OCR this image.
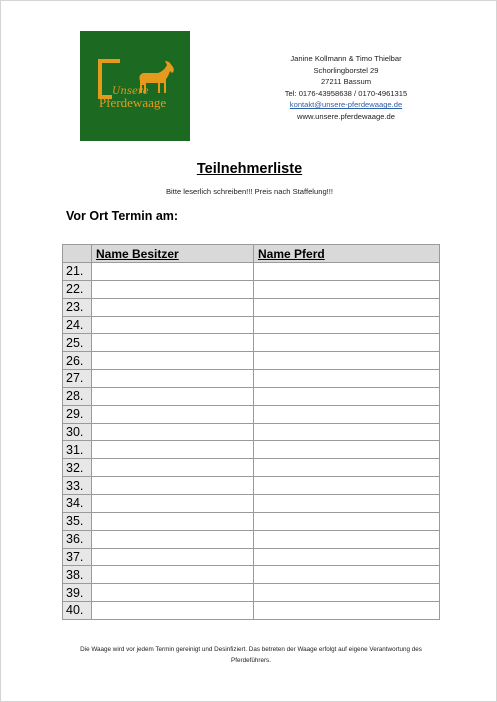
Unsere
Pferdewaage
Janine Kollmann & Timo Thielbar
Schorlingborstel 29
27211 Bassum
Tel: 0176-43958638 / 0170-4961315
kontakt@unsere-pferdewaage.de
www.unsere.pferdewaage.de
Teilnehmerliste
Bitte leserlich schreiben!!! Preis nach Staffelung!!!
Vor Ort Termin am:
	Name Besitzer	Name Pferd
21.		
22.		
23.		
24.		
25.		
26.		
27.		
28.		
29.		
30.		
31.		
32.		
33.		
34.		
35.		
36.		
37.		
38.		
39.		
40.		
Die Waage wird vor jedem Termin gereinigt und Desinfiziert. Das betreten der Waage erfolgt auf eigene Verantwortung des Pferdeführers.
